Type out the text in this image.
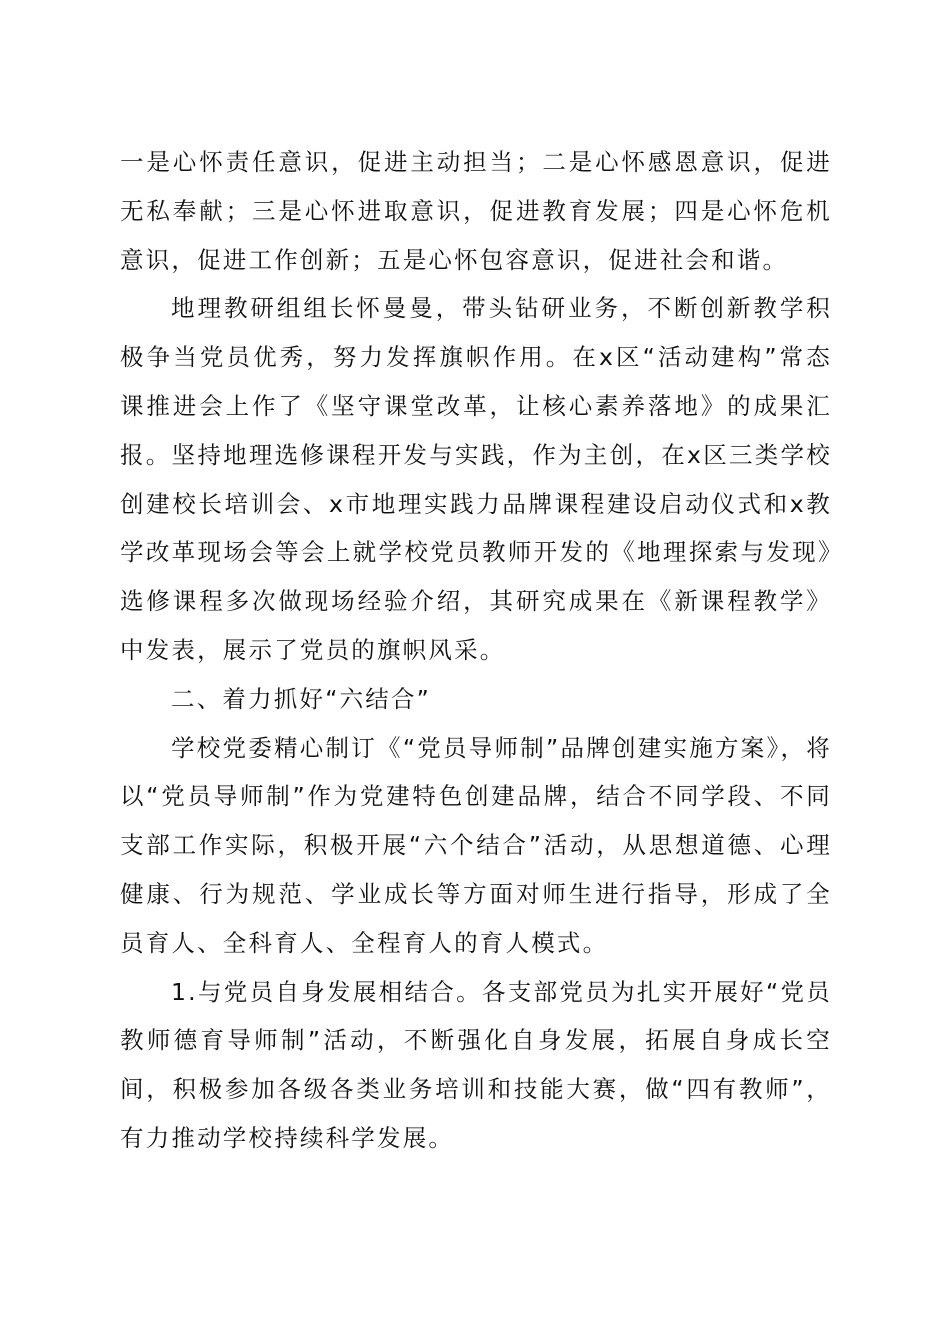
一是心怀责任意识，促进主动担当；二是心怀感恩意识，促进无私奉献；三是心怀进取意识，促进教育发展；四是心怀危机意识，促进工作创新；五是心怀包容意识，促进社会和谐。

地理教研组组长怀曼曼，带头钻研业务，不断创新教学积极争当党员优秀，努力发挥旗帜作用。在x区“活动建构”常态课推进会上作了《坚守课堂改革，让核心素养落地》的成果汇报。坚持地理选修课程开发与实践，作为主创，在x区三类学校创建校长培训会、x市地理实践力品牌课程建设启动仪式和x教学改革现场会等会上就学校党员教师开发的《地理探索与发现》选修课程多次做现场经验介绍，其研究成果在《新课程教学》中发表，展示了党员的旗帜风采。

二、着力抓好“六结合”

学校党委精心制订《“党员导师制”品牌创建实施方案》，将以“党员导师制”作为党建特色创建品牌，结合不同学段、不同支部工作实际，积极开展“六个结合”活动，从思想道德、心理健康、行为规范、学业成长等方面对师生进行指导，形成了全员育人、全科育人、全程育人的育人模式。

1.与党员自身发展相结合。各支部党员为扎实开展好“党员教师德育导师制”活动，不断强化自身发展，拓展自身成长空间，积极参加各级各类业务培训和技能大赛，做“四有教师”，有力推动学校持续科学发展。
